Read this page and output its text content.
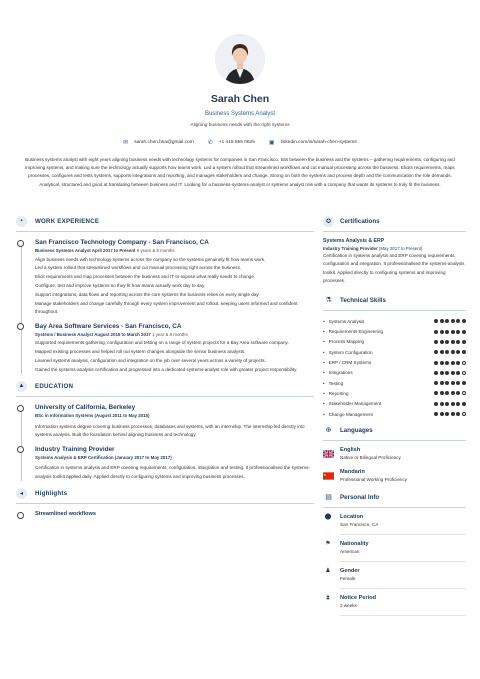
Sarah Chen
Business Systems Analyst
Aligning business needs with the right systems
✉ sarah.chen.bsa@gmail.com ✆ +1 415 555 0825 ▣ linkedin.com/in/sarah-chen-systems
Business systems analyst with eight years aligning business needs with technology systems for companies in San Francisco. Sits between the business and the systems – gathering requirements, configuring and improving systems, and making sure the technology actually supports how teams work. Led a system rollout that streamlined workflows and cut manual processing across the business. Elicits requirements, maps processes, configures and tests systems, supports integrations and reporting, and manages stakeholders and change. Strong on both the systems and process depth and the communication the role demands. Analytical, structured and good at translating between business and IT. Looking for a business-systems-analyst or systems analyst role with a company that wants its systems to truly fit the business.
▪	WORK EXPERIENCE
San Francisco Technology Company - San Francisco, CA
Business Systems Analyst April 2017 to Present 9 years & 5 months

Align business needs with technology systems across the company so the systems genuinely fit how teams work.

Led a system rollout that streamlined workflows and cut manual processing right across the business.

Elicit requirements and map processes between the business and IT to expose what really needs to change.

Configure, test and improve systems so they fit how teams actually work day to day.

Support integrations, data flows and reporting across the core systems the business relies on every single day.

Manage stakeholders and change carefully through every system improvement and rollout, keeping users informed and confident throughout.

Bay Area Software Services - San Francisco, CA
Systems / Business Analyst August 2015 to March 2017 1 year & 8 months

Supported requirements gathering, configuration and testing on a range of system projects for a Bay Area software company.

Mapped existing processes and helped roll out system changes alongside the senior business analysts.

Learned systems analysis, configuration and integration on the job over several years across a variety of projects.

Gained the systems-analysis certification and progressed into a dedicated systems-analyst role with greater project responsibility.

▲	EDUCATION
University of California, Berkeley
BSc in Information Systems (August 2011 to May 2015)
Information systems degree covering business processes, databases and systems, with an internship. The internship led directly into systems analysis. Built the foundation behind aligning business and technology.
Industry Training Provider
Systems Analysis & ERP Certification (January 2017 to May 2017)
Certification in systems analysis and ERP covering requirements, configuration, integration and testing. It professionalised the systems-analysis toolkit applied daily. Applied directly to configuring systems and improving business processes.
◂	Highlights
Streamlined workflows
✪	Certifications
Systems Analysis & ERP
Industry Training Provider (May 2017 to Present)
Certification in systems analysis and ERP covering requirements, configuration and integration. It professionalised the systems-analysis toolkit. Applied directly to configuring systems and improving processes.
⚗	Technical Skills
• Systems Analysis
• Requirements Engineering
• Process Mapping
• System Configuration
• ERP / CRM Systems
• Integrations
• Testing
• Reporting
• Stakeholder Management
• Change Management
⊕	Languages
English
Native or Bilingual Proficiency
Mandarin
Professional Working Proficiency
▤	Personal Info
⬤ Location
San Francisco, CA
⚑	Nationality
American
♟	Gender
Female
⧗	Notice Period
2 weeks
